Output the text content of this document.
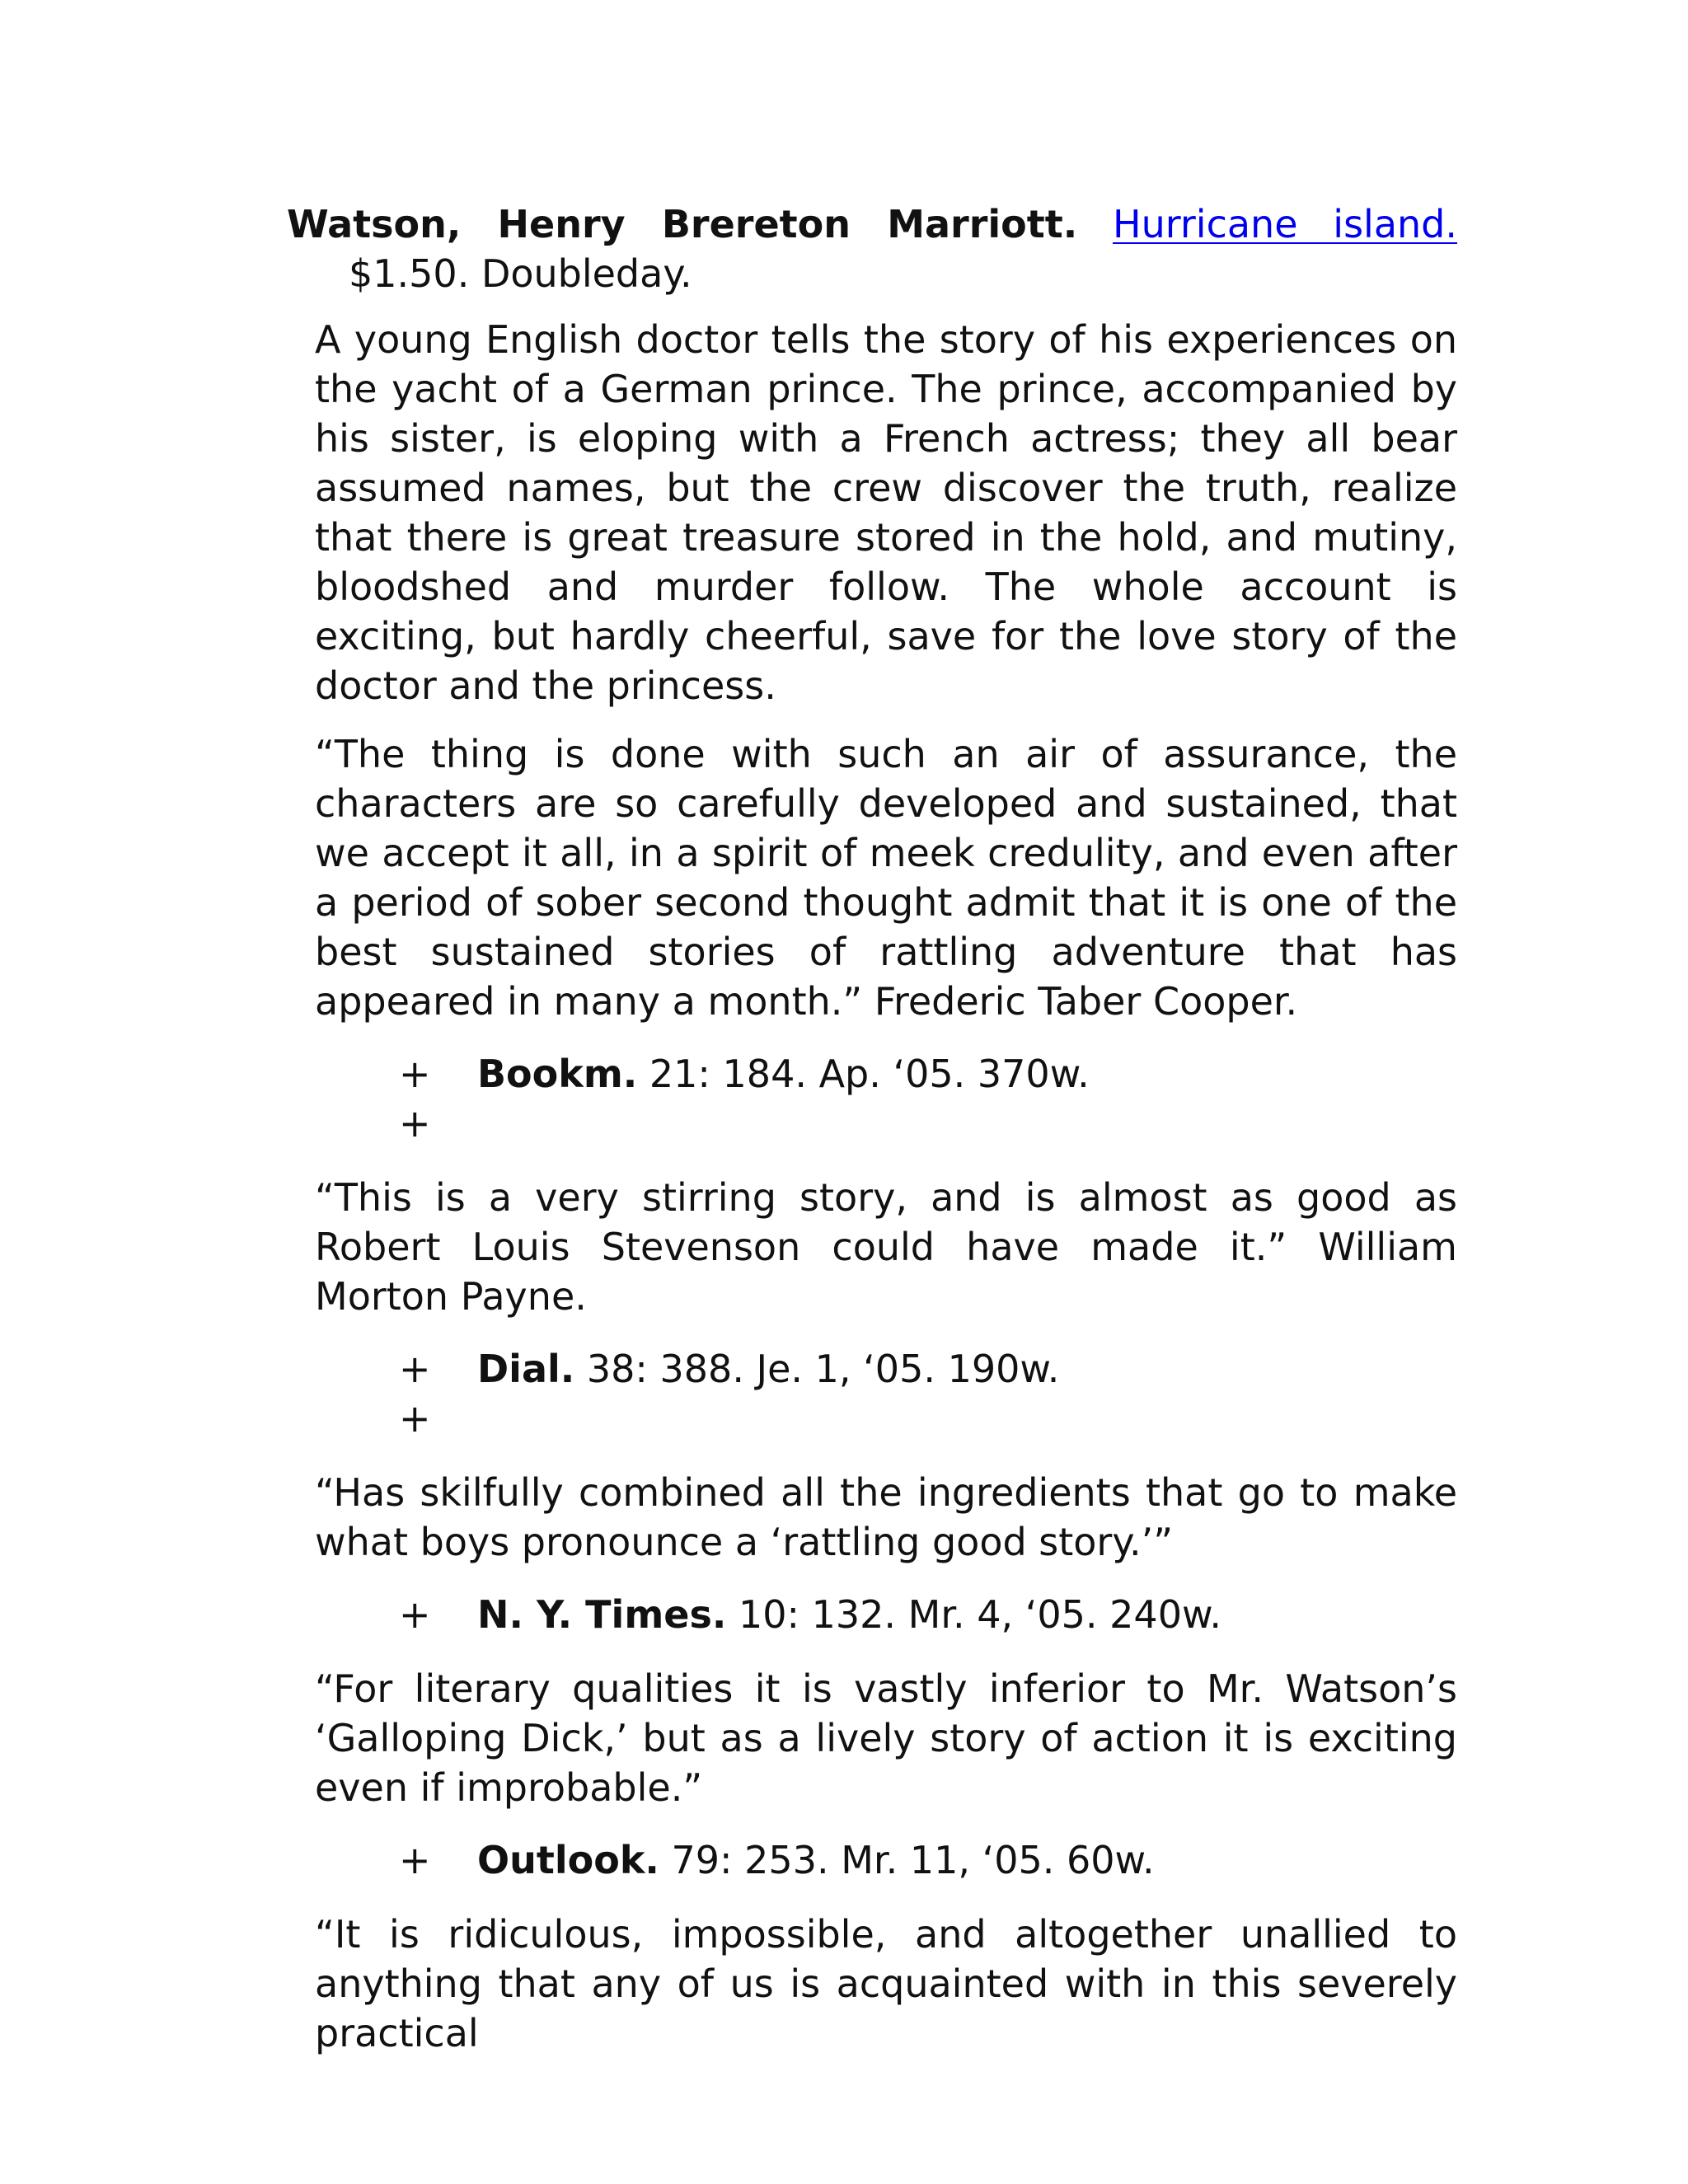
Watson, Henry Brereton Marriott. Hurricane island. $1.50. Doubleday.

A young English doctor tells the story of his experiences on the yacht of a German prince. The prince, accompanied by his sister, is eloping with a French actress; they all bear assumed names, but the crew discover the truth, realize that there is great treasure stored in the hold, and mutiny, bloodshed and murder follow. The whole account is exciting, but hardly cheerful, save for the love story of the doctor and the princess.

“The thing is done with such an air of assurance, the characters are so carefully developed and sustained, that we accept it all, in a spirit of meek credulity, and even after a period of sober second thought admit that it is one of the best sustained stories of rattling adventure that has appeared in many a month.” Frederic Taber Cooper.

+
+
Bookm. 21: 184. Ap. ‘05. 370w.

“This is a very stirring story, and is almost as good as Robert Louis Stevenson could have made it.” William Morton Payne.

+
+
Dial. 38: 388. Je. 1, ‘05. 190w.

“Has skilfully combined all the ingredients that go to make what boys pronounce a ‘rattling good story.’”

+	N. Y. Times. 10: 132. Mr. 4, ‘05. 240w.

“For literary qualities it is vastly inferior to Mr. Watson’s ‘Galloping Dick,’ but as a lively story of action it is exciting even if improbable.”

+	Outlook. 79: 253. Mr. 11, ‘05. 60w.

“It is ridiculous, impossible, and altogether unallied to anything that any of us is acquainted with in this severely practical
